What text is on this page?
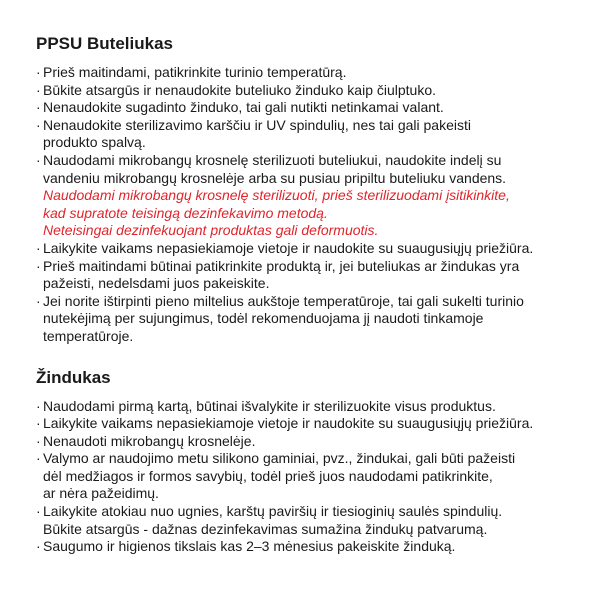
PPSU Buteliukas
· Prieš maitindami, patikrinkite turinio temperatūrą.
· Būkite atsargūs ir nenaudokite buteliuko žinduko kaip čiulptuko.
· Nenaudokite sugadinto žinduko, tai gali nutikti netinkamai valant.
· Nenaudokite sterilizavimo karščiu ir UV spindulių, nes tai gali pakeisti
produkto spalvą.
· Naudodami mikrobangų krosnelę sterilizuoti buteliukui, naudokite indelį su
vandeniu mikrobangų krosnelėje arba su pusiau pripiltu buteliuku vandens.
Naudodami mikrobangų krosnelę sterilizuoti, prieš sterilizuodami įsitikinkite,
kad supratote teisingą dezinfekavimo metodą.
Neteisingai dezinfekuojant produktas gali deformuotis.
· Laikykite vaikams nepasiekiamoje vietoje ir naudokite su suaugusiųjų priežiūra.
· Prieš maitindami būtinai patikrinkite produktą ir, jei buteliukas ar žindukas yra
pažeisti, nedelsdami juos pakeiskite.
· Jei norite ištirpinti pieno miltelius aukštoje temperatūroje, tai gali sukelti turinio
nutekėjimą per sujungimus, todėl rekomenduojama jį naudoti tinkamoje
temperatūroje.
Žindukas
· Naudodami pirmą kartą, būtinai išvalykite ir sterilizuokite visus produktus.
· Laikykite vaikams nepasiekiamoje vietoje ir naudokite su suaugusiųjų priežiūra.
· Nenaudoti mikrobangų krosnelėje.
· Valymo ar naudojimo metu silikono gaminiai, pvz., žindukai, gali būti pažeisti
dėl medžiagos ir formos savybių, todėl prieš juos naudodami patikrinkite,
ar nėra pažeidimų.
· Laikykite atokiau nuo ugnies, karštų paviršių ir tiesioginių saulės spindulių.
Būkite atsargūs - dažnas dezinfekavimas sumažina žindukų patvarumą.
· Saugumo ir higienos tikslais kas 2–3 mėnesius pakeiskite žinduką.
